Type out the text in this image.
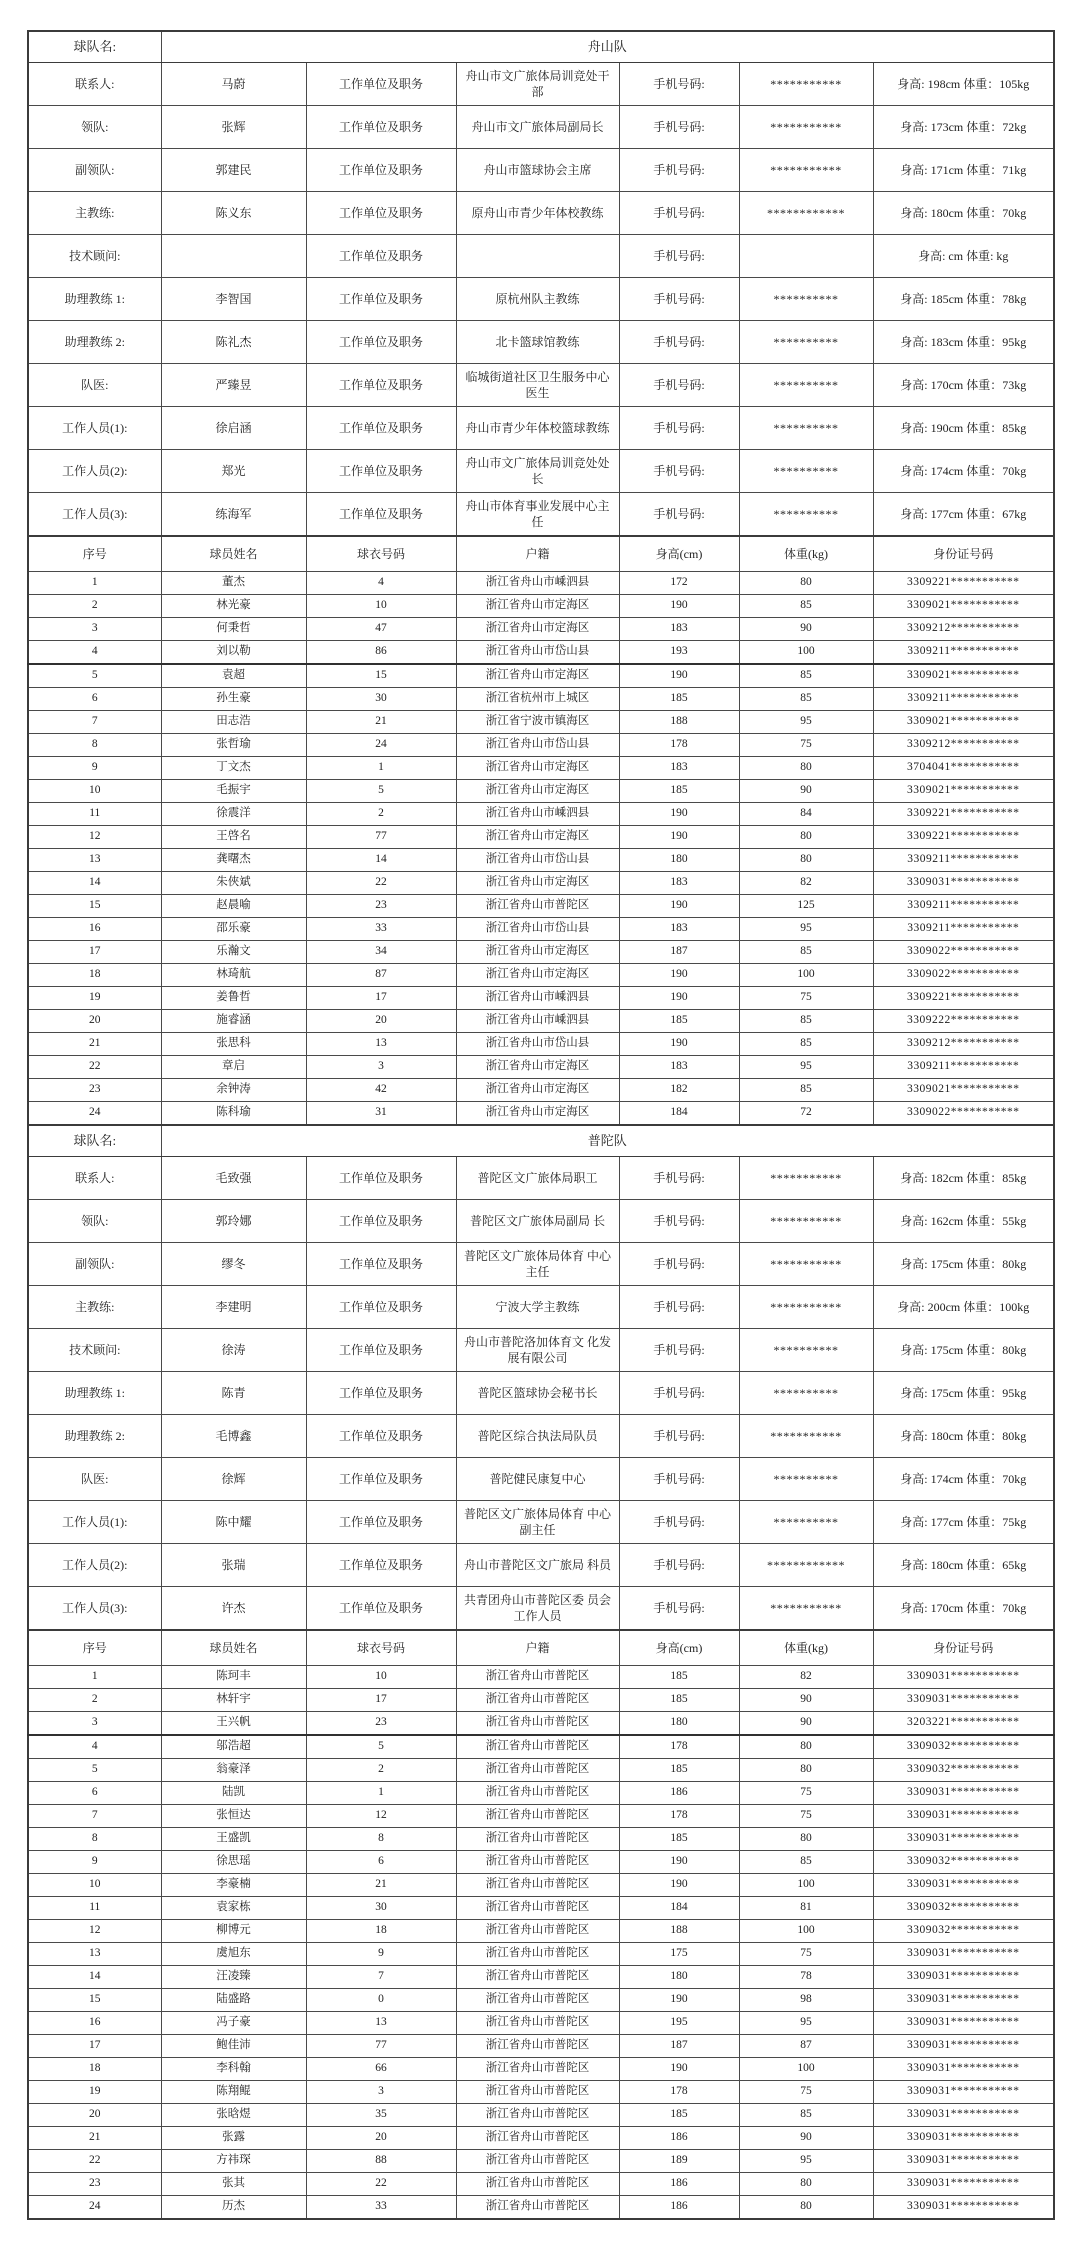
球队名:	舟山队					
联系人:	马蔚	工作单位及职务	舟山市文广旅体局训竞处干部	手机号码:	***********	身高: 198cm 体重：105kg
领队:	张辉	工作单位及职务	舟山市文广旅体局副局长	手机号码:	***********	身高: 173cm 体重：72kg
副领队:	郭建民	工作单位及职务	舟山市篮球协会主席	手机号码:	***********	身高: 171cm 体重：71kg
主教练:	陈义东	工作单位及职务	原舟山市青少年体校教练	手机号码:	************	身高: 180cm 体重：70kg
技术顾问:		工作单位及职务		手机号码:		身高: cm 体重: kg
助理教练 1:	李智国	工作单位及职务	原杭州队主教练	手机号码:	**********	身高: 185cm 体重：78kg
助理教练 2:	陈礼杰	工作单位及职务	北卡篮球馆教练	手机号码:	**********	身高: 183cm 体重：95kg
队医:	严臻昱	工作单位及职务	临城街道社区卫生服务中心医生	手机号码:	**********	身高: 170cm 体重：73kg
工作人员(1):	徐启涵	工作单位及职务	舟山市青少年体校篮球教练	手机号码:	**********	身高: 190cm 体重：85kg
工作人员(2):	郑光	工作单位及职务	舟山市文广旅体局训竞处处长	手机号码:	**********	身高: 174cm 体重：70kg
工作人员(3):	练海军	工作单位及职务	舟山市体育事业发展中心主任	手机号码:	**********	身高: 177cm 体重：67kg
序号	球员姓名	球衣号码	户籍	身高(cm)	体重(kg)	身份证号码
1	董杰	4	浙江省舟山市嵊泗县	172	80	3309221***********
2	林光豪	10	浙江省舟山市定海区	190	85	3309021***********
3	何秉哲	47	浙江省舟山市定海区	183	90	3309212***********
4	刘以勒	86	浙江省舟山市岱山县	193	100	3309211***********
5	袁超	15	浙江省舟山市定海区	190	85	3309021***********
6	孙生豪	30	浙江省杭州市上城区	185	85	3309211***********
7	田志浩	21	浙江省宁波市镇海区	188	95	3309021***********
8	张哲瑜	24	浙江省舟山市岱山县	178	75	3309212***********
9	丁文杰	1	浙江省舟山市定海区	183	80	3704041***********
10	毛振宇	5	浙江省舟山市定海区	185	90	3309021***********
11	徐震洋	2	浙江省舟山市嵊泗县	190	84	3309221***********
12	王啓名	77	浙江省舟山市定海区	190	80	3309221***********
13	龚曙杰	14	浙江省舟山市岱山县	180	80	3309211***********
14	朱俠斌	22	浙江省舟山市定海区	183	82	3309031***********
15	赵晨喻	23	浙江省舟山市普陀区	190	125	3309211***********
16	邵乐豪	33	浙江省舟山市岱山县	183	95	3309211***********
17	乐瀚文	34	浙江省舟山市定海区	187	85	3309022***********
18	林琦航	87	浙江省舟山市定海区	190	100	3309022***********
19	姜鲁哲	17	浙江省舟山市嵊泗县	190	75	3309221***********
20	施睿涵	20	浙江省舟山市嵊泗县	185	85	3309222***********
21	张思科	13	浙江省舟山市岱山县	190	85	3309212***********
22	章启	3	浙江省舟山市定海区	183	95	3309211***********
23	余钟涛	42	浙江省舟山市定海区	182	85	3309021***********
24	陈科瑜	31	浙江省舟山市定海区	184	72	3309022***********
球队名:	普陀队					
联系人:	毛致强	工作单位及职务	普陀区文广旅体局职工	手机号码:	***********	身高: 182cm 体重：85kg
领队:	郭玲娜	工作单位及职务	普陀区文广旅体局副局 长	手机号码:	***********	身高: 162cm 体重：55kg
副领队:	缪冬	工作单位及职务	普陀区文广旅体局体育 中心主任	手机号码:	***********	身高: 175cm 体重：80kg
主教练:	李建明	工作单位及职务	宁波大学主教练	手机号码:	***********	身高: 200cm 体重：100kg
技术顾问:	徐涛	工作单位及职务	舟山市普陀洛加体育文 化发展有限公司	手机号码:	**********	身高: 175cm 体重：80kg
助理教练 1:	陈青	工作单位及职务	普陀区篮球协会秘书长	手机号码:	**********	身高: 175cm 体重：95kg
助理教练 2:	毛博鑫	工作单位及职务	普陀区综合执法局队员	手机号码:	***********	身高: 180cm 体重：80kg
队医:	徐辉	工作单位及职务	普陀健民康复中心	手机号码:	**********	身高: 174cm 体重：70kg
工作人员(1):	陈中耀	工作单位及职务	普陀区文广旅体局体育 中心副主任	手机号码:	**********	身高: 177cm 体重：75kg
工作人员(2):	张瑞	工作单位及职务	舟山市普陀区文广旅局 科员	手机号码:	************	身高: 180cm 体重：65kg
工作人员(3):	许杰	工作单位及职务	共青团舟山市普陀区委 员会工作人员	手机号码:	***********	身高: 170cm 体重：70kg
序号	球员姓名	球衣号码	户籍	身高(cm)	体重(kg)	身份证号码
1	陈珂丰	10	浙江省舟山市普陀区	185	82	3309031***********
2	林轩宇	17	浙江省舟山市普陀区	185	90	3309031***********
3	王兴帆	23	浙江省舟山市普陀区	180	90	3203221***********
4	邬浩超	5	浙江省舟山市普陀区	178	80	3309032***********
5	翁豪泽	2	浙江省舟山市普陀区	185	80	3309032***********
6	陆凯	1	浙江省舟山市普陀区	186	75	3309031***********
7	张恒达	12	浙江省舟山市普陀区	178	75	3309031***********
8	王盛凯	8	浙江省舟山市普陀区	185	80	3309031***********
9	徐思瑶	6	浙江省舟山市普陀区	190	85	3309032***********
10	李豪楠	21	浙江省舟山市普陀区	190	100	3309031***********
11	袁家栋	30	浙江省舟山市普陀区	184	81	3309032***********
12	柳博元	18	浙江省舟山市普陀区	188	100	3309032***********
13	虞旭东	9	浙江省舟山市普陀区	175	75	3309031***********
14	汪凌臻	7	浙江省舟山市普陀区	180	78	3309031***********
15	陆盛路	0	浙江省舟山市普陀区	190	98	3309031***********
16	冯子豪	13	浙江省舟山市普陀区	195	95	3309031***********
17	鲍佳沛	77	浙江省舟山市普陀区	187	87	3309031***********
18	李科翰	66	浙江省舟山市普陀区	190	100	3309031***********
19	陈翔鲲	3	浙江省舟山市普陀区	178	75	3309031***********
20	张晗煜	35	浙江省舟山市普陀区	185	85	3309031***********
21	张露	20	浙江省舟山市普陀区	186	90	3309031***********
22	方祎琛	88	浙江省舟山市普陀区	189	95	3309031***********
23	张其	22	浙江省舟山市普陀区	186	80	3309031***********
24	历杰	33	浙江省舟山市普陀区	186	80	3309031***********
